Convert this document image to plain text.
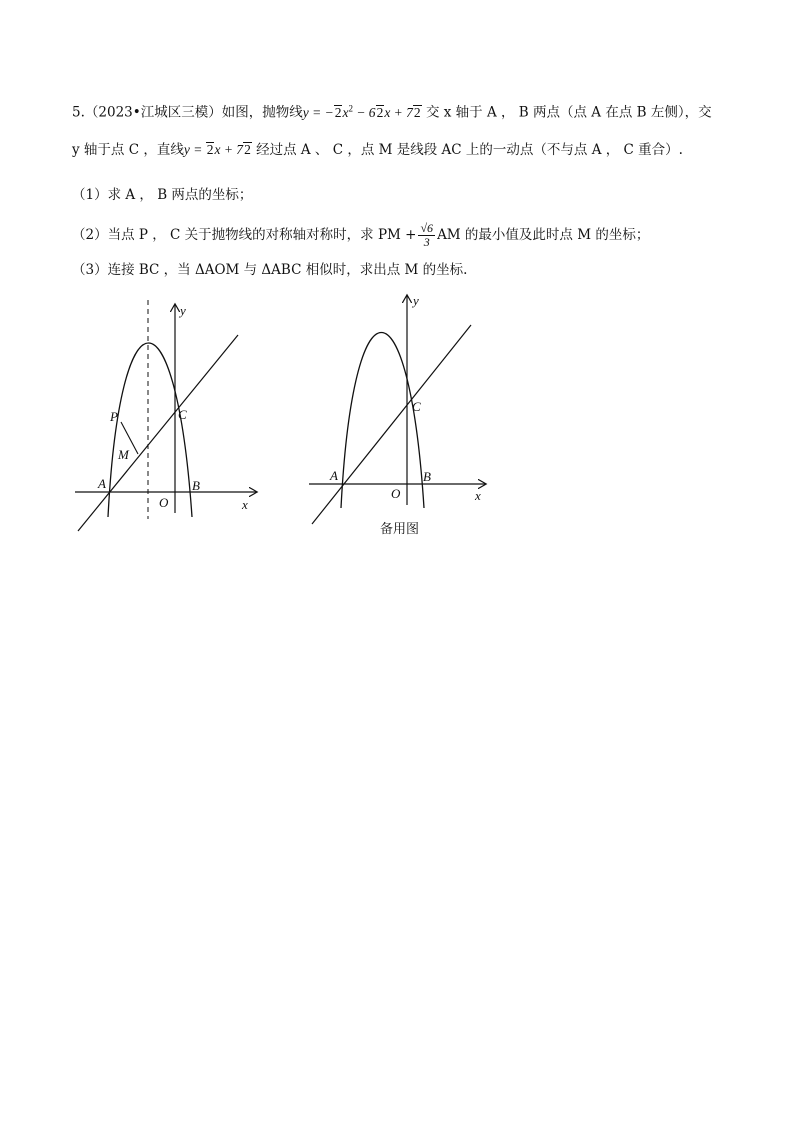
5.（2023•江城区三模）如图，抛物线$y = -2x^2 - 62x + 72$ 交 x 轴于 A ， B 两点（点 A 在点 B 左侧），交
y 轴于点 C ，直线y = 2x + 72 经过点 A 、 C ，点 M 是线段 AC 上的一动点（不与点 A ， C 重合）.
（1）求 A ， B 两点的坐标；
（2）当点 P ， C 关于抛物线的对称轴对称时，求 PM + $\frac{√6}{3}$ AM 的最小值及此时点 M 的坐标；
（3）连接 BC ，当 ΔAOM 与 ΔABC 相似时，求出点 M 的坐标.
y
x
P	C
M
A
O
B
y
x
C
A
O
B
备用图
